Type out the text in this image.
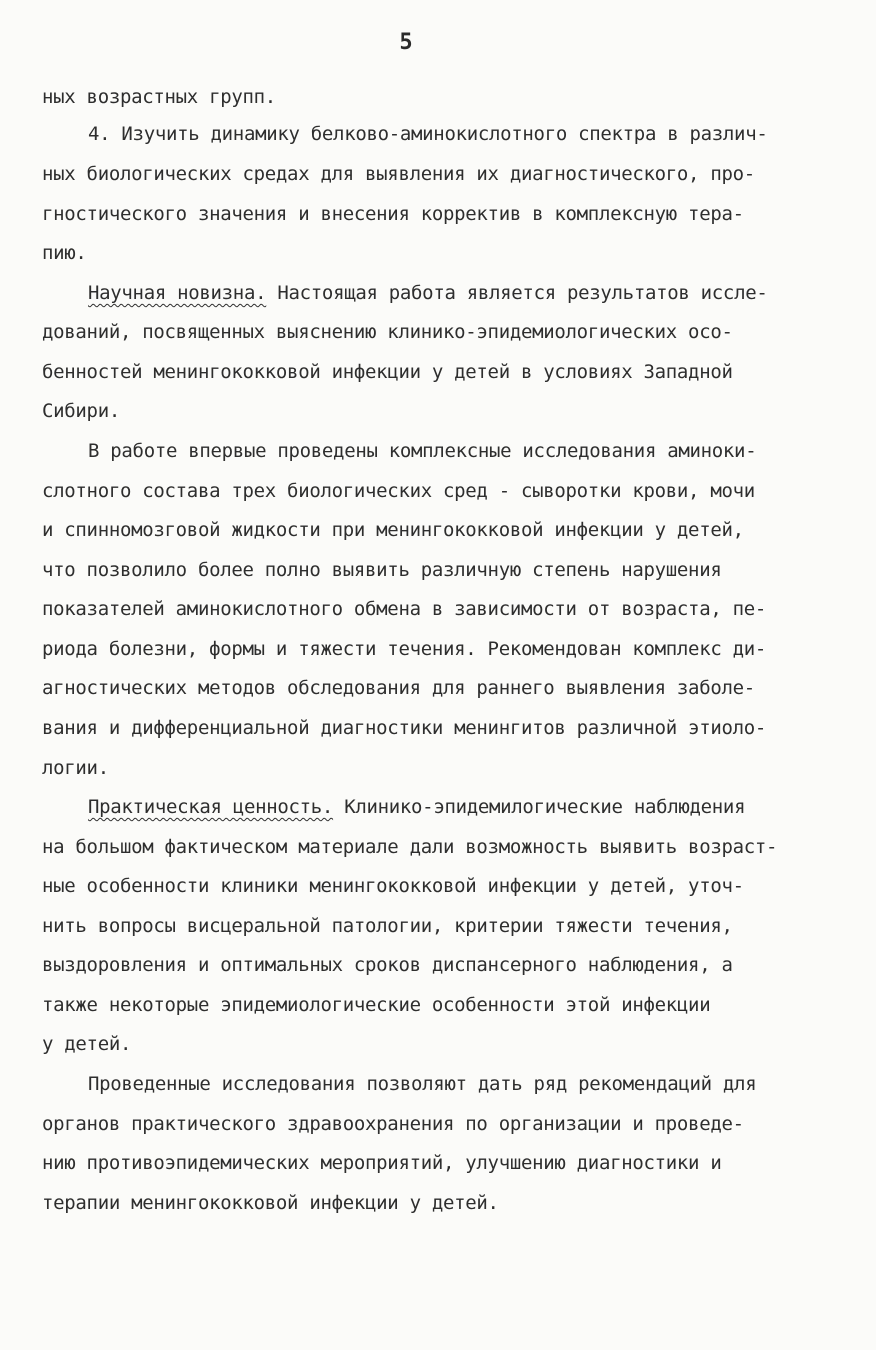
5
ных возрастных групп.
4. Изучить динамику белково-аминокислотного спектра в различ-
ных биологических средах для выявления их диагностического, про-
гностического значения и внесения корректив в комплексную тера-
пию.
Научная новизна. Настоящая работа является результатов иссле-
дований, посвященных выяснению клинико-эпидемиологических осо-
бенностей менингококковой инфекции у детей в условиях Западной
Сибири.
В работе впервые проведены комплексные исследования аминоки-
слотного состава трех биологических сред - сыворотки крови, мочи
и спинномозговой жидкости при менингококковой инфекции у детей,
что позволило более полно выявить различную степень нарушения
показателей аминокислотного обмена в зависимости от возраста, пе-
риода болезни, формы и тяжести течения. Рекомендован комплекс ди-
агностических методов обследования для раннего выявления заболе-
вания и дифференциальной диагностики менингитов различной этиоло-
логии.
Практическая ценность. Клинико-эпидемилогические наблюдения
на большом фактическом материале дали возможность выявить возраст-
ные особенности клиники менингококковой инфекции у детей, уточ-
нить вопросы висцеральной патологии, критерии тяжести течения,
выздоровления и оптимальных сроков диспансерного наблюдения, а
также некоторые эпидемиологические особенности этой инфекции
у детей.
Проведенные исследования позволяют дать ряд рекомендаций для
органов практического здравоохранения по организации и проведе-
нию противоэпидемических мероприятий, улучшению диагностики и
терапии менингококковой инфекции у детей.
